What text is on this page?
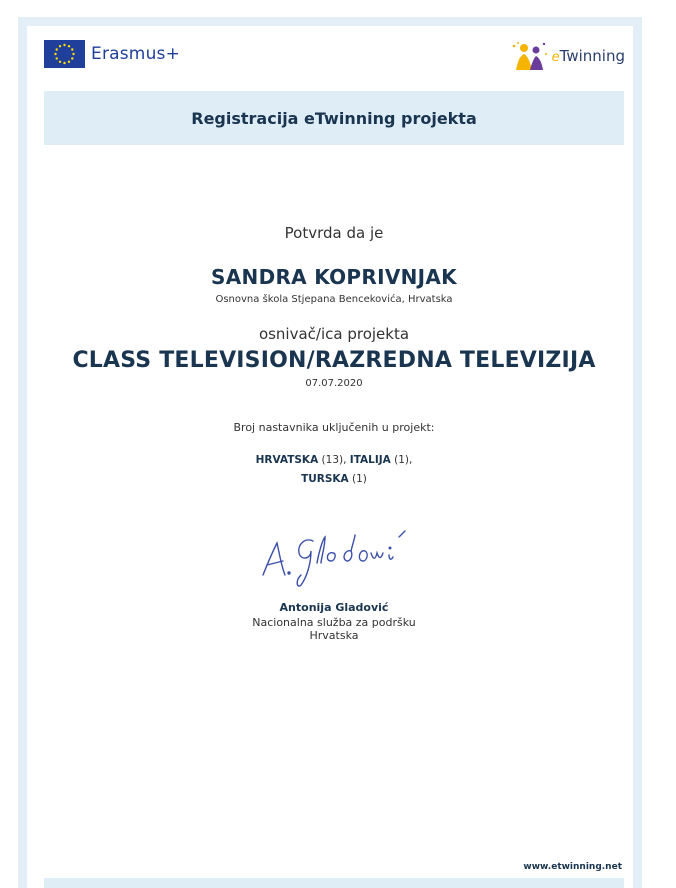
Erasmus+	eTwinning
Registracija eTwinning projekta
Potvrda da je
SANDRA KOPRIVNJAK
Osnovna škola Stjepana Bencekovića, Hrvatska
osnivač/ica projekta
CLASS TELEVISION/RAZREDNA TELEVIZIJA
07.07.2020
Broj nastavnika uključenih u projekt:
HRVATSKA (13), ITALIJA (1),
TURSKA (1)
Antonija Gladović
Nacionalna služba za podršku
Hrvatska
www.etwinning.net
